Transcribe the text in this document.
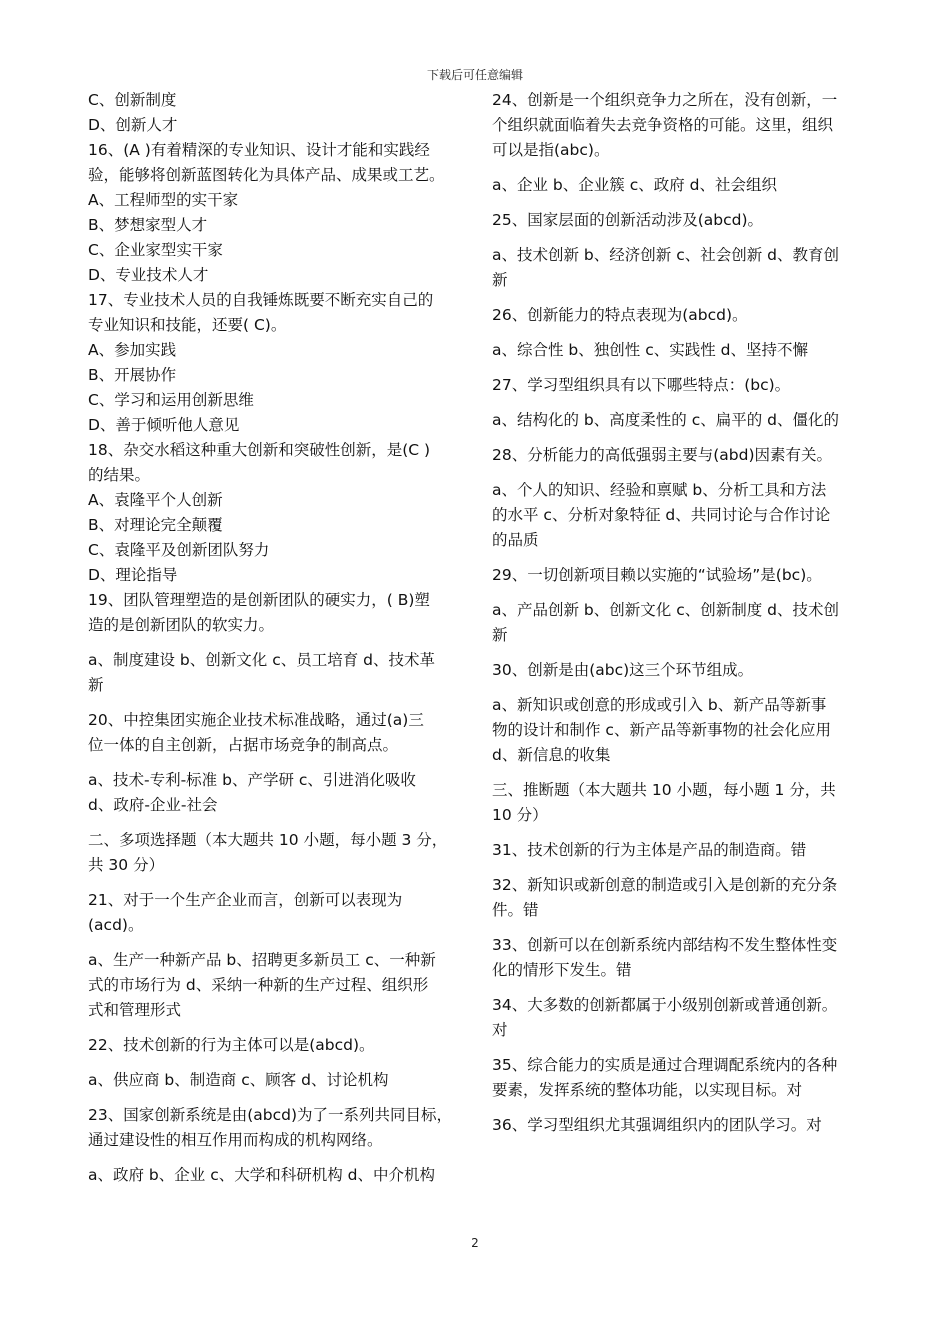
下载后可任意编辑
C、创新制度
D、创新人才
16、(A )有着精深的专业知识、设计才能和实践经
验，能够将创新蓝图转化为具体产品、成果或工艺。
A、工程师型的实干家
B、梦想家型人才
C、企业家型实干家
D、专业技术人才
17、专业技术人员的自我锤炼既要不断充实自己的
专业知识和技能，还要( C)。
A、参加实践
B、开展协作
C、学习和运用创新思维
D、善于倾听他人意见
18、杂交水稻这种重大创新和突破性创新，是(C )
的结果。
A、袁隆平个人创新
B、对理论完全颠覆
C、袁隆平及创新团队努力
D、理论指导
19、团队管理塑造的是创新团队的硬实力，( B)塑
造的是创新团队的软实力。
a、制度建设 b、创新文化 c、员工培育 d、技术革
新
20、中控集团实施企业技术标准战略，通过(a)三
位一体的自主创新，占据市场竞争的制高点。
a、技术-专利-标准 b、产学研 c、引进消化吸收
d、政府-企业-社会
二、多项选择题（本大题共 10 小题，每小题 3 分，
共 30 分）
21、对于一个生产企业而言，创新可以表现为
(acd)。
a、生产一种新产品 b、招聘更多新员工 c、一种新
式的市场行为 d、采纳一种新的生产过程、组织形
式和管理形式
22、技术创新的行为主体可以是(abcd)。
a、供应商 b、制造商 c、顾客 d、讨论机构
23、国家创新系统是由(abcd)为了一系列共同目标，
通过建设性的相互作用而构成的机构网络。
a、政府 b、企业 c、大学和科研机构 d、中介机构
24、创新是一个组织竞争力之所在，没有创新，一
个组织就面临着失去竞争资格的可能。这里，组织
可以是指(abc)。
a、企业 b、企业簇 c、政府 d、社会组织
25、国家层面的创新活动涉及(abcd)。
a、技术创新 b、经济创新 c、社会创新 d、教育创
新
26、创新能力的特点表现为(abcd)。
a、综合性 b、独创性 c、实践性 d、坚持不懈
27、学习型组织具有以下哪些特点：(bc)。
a、结构化的 b、高度柔性的 c、扁平的 d、僵化的
28、分析能力的高低强弱主要与(abd)因素有关。
a、个人的知识、经验和禀赋 b、分析工具和方法
的水平 c、分析对象特征 d、共同讨论与合作讨论
的品质
29、一切创新项目赖以实施的“试验场”是(bc)。
a、产品创新 b、创新文化 c、创新制度 d、技术创
新
30、创新是由(abc)这三个环节组成。
a、新知识或创意的形成或引入 b、新产品等新事
物的设计和制作 c、新产品等新事物的社会化应用
d、新信息的收集
三、推断题（本大题共 10 小题，每小题 1 分，共
10 分）
31、技术创新的行为主体是产品的制造商。错
32、新知识或新创意的制造或引入是创新的充分条
件。错
33、创新可以在创新系统内部结构不发生整体性变
化的情形下发生。错
34、大多数的创新都属于小级别创新或普通创新。
对
35、综合能力的实质是通过合理调配系统内的各种
要素，发挥系统的整体功能，以实现目标。对
36、学习型组织尤其强调组织内的团队学习。对
2
